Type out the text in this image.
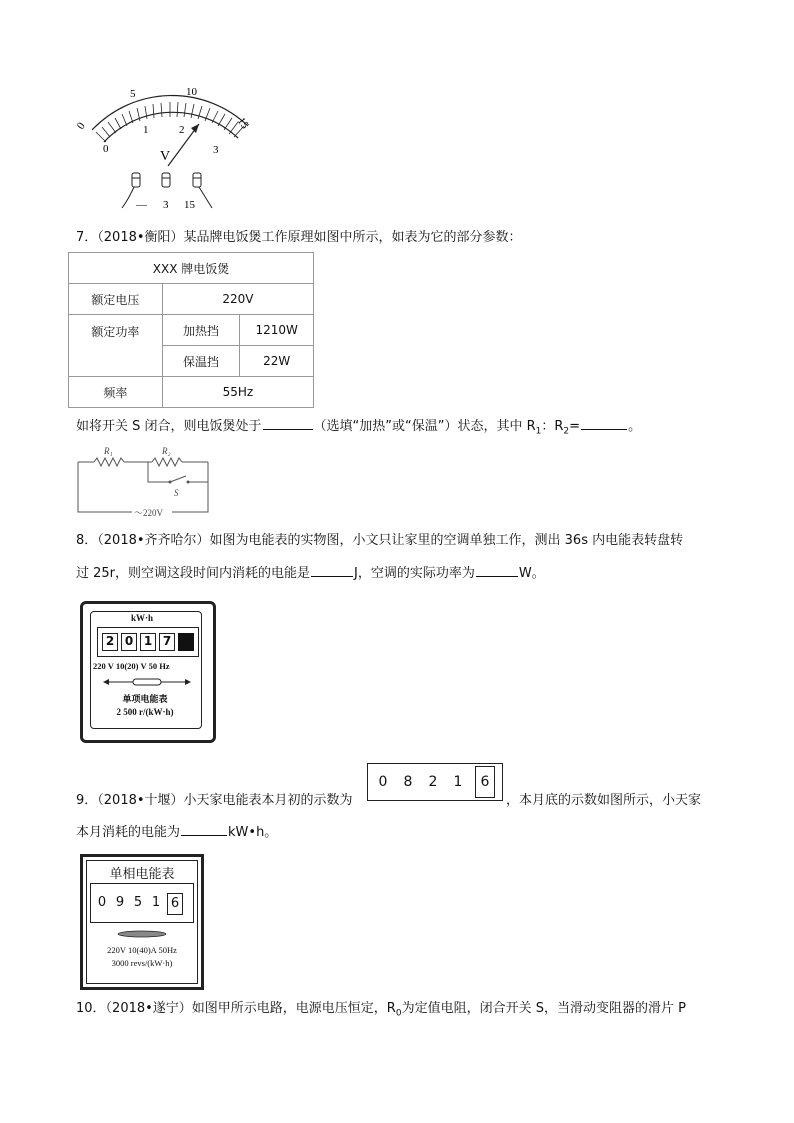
0
5	10
15
0
1	2
3
V
— 3 15
7．（2018•衡阳）某品牌电饭煲工作原理如图中所示，如表为它的部分参数：
XXX 牌电饭煲		
额定电压	220V	
额定功率	加热挡	1210W
	保温挡	22W
频率	55Hz	
如将开关 S 闭合，则电饭煲处于	（选填“加热”或“保温”）状态，其中 $R_1$：$R_2=$	。
R₁	R₂
S
～220V
8．（2018•齐齐哈尔）如图为电能表的实物图，小文只让家里的空调单独工作，测出 36s 内电能表转盘转
过 25r，则空调这段时间内消耗的电能是	J，空调的实际功率为	W。
kW·h
2 0 1 7
220 V 10(20) V 50 Hz
单项电能表
2 500 r/(kW·h)
9．（2018•十堰）小天家电能表本月初的示数为
0 8 2 1	6
，本月底的示数如图所示，小天家
本月消耗的电能为	kW•h。
单相电能表
0 9 5 1 6
220V 10(40)A 50Hz
3000 revs/(kW·h)
10．（2018•遂宁）如图甲所示电路，电源电压恒定，$R_0$为定值电阻，闭合开关 S，当滑动变阻器的滑片 P
